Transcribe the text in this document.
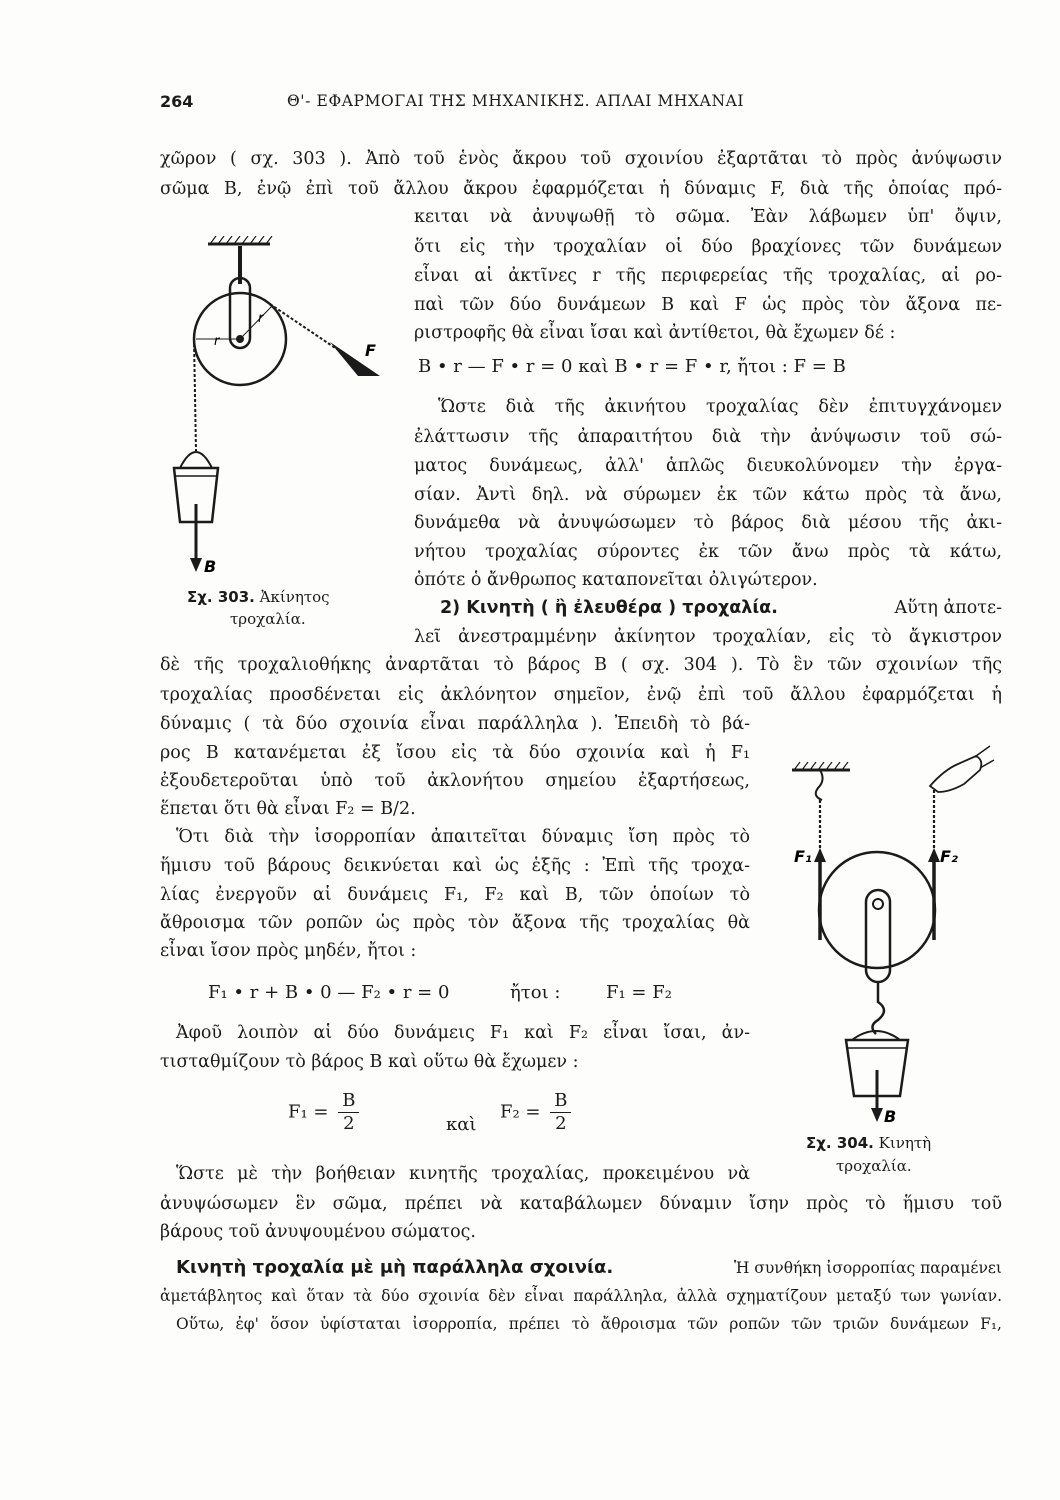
264	Θ'- ΕΦΑΡΜΟΓΑΙ ΤΗΣ ΜΗΧΑΝΙΚΗΣ. ΑΠΛΑΙ ΜΗΧΑΝΑΙ
χῶρον ( σχ. 303 ). Ἀπὸ τοῦ ἑνὸς ἄκρου τοῦ σχοινίου ἐξαρτᾶται τὸ πρὸς ἀνύψωσιν
σῶμα B, ἐνῷ ἐπὶ τοῦ ἄλλου ἄκρου ἐφαρμόζεται ἡ δύναμις F, διὰ τῆς ὁποίας πρό-
κειται νὰ ἀνυψωθῇ τὸ σῶμα. Ἐὰν λάβωμεν ὑπ' ὄψιν,
ὅτι εἰς τὴν τροχαλίαν οἱ δύο βραχίονες τῶν δυνάμεων
εἶναι αἱ ἀκτῖνες r τῆς περιφερείας τῆς τροχαλίας, αἱ ρο-
παὶ τῶν δύο δυνάμεων B καὶ F ὡς πρὸς τὸν ἄξονα πε-
ριστροφῆς θὰ εἶναι ἴσαι καὶ ἀντίθετοι, θὰ ἔχωμεν δέ :
B • r — F • r = 0 καὶ B • r = F • r, ἤτοι : F = B
Ὥστε διὰ τῆς ἀκινήτου τροχαλίας δὲν ἐπιτυγχάνομεν
ἐλάττωσιν τῆς ἀπαραιτήτου διὰ τὴν ἀνύψωσιν τοῦ σώ-
ματος δυνάμεως, ἀλλ' ἁπλῶς διευκολύνομεν τὴν ἐργα-
σίαν. Ἀντὶ δηλ. νὰ σύρωμεν ἐκ τῶν κάτω πρὸς τὰ ἄνω,
δυνάμεθα νὰ ἀνυψώσωμεν τὸ βάρος διὰ μέσου τῆς ἀκι-
νήτου τροχαλίας σύροντες ἐκ τῶν ἄνω πρὸς τὰ κάτω,
ὁπότε ὁ ἄνθρωπος καταπονεῖται ὀλιγώτερον.
2) Κινητὴ ( ἢ ἐλευθέρα ) τροχαλία.	Αὕτη ἀποτε-
λεῖ ἀνεστραμμένην ἀκίνητον τροχαλίαν, εἰς τὸ ἄγκιστρον
δὲ τῆς τροχαλιοθήκης ἀναρτᾶται τὸ βάρος B ( σχ. 304 ). Τὸ ἓν τῶν σχοινίων τῆς
τροχαλίας προσδένεται εἰς ἀκλόνητον σημεῖον, ἐνῷ ἐπὶ τοῦ ἄλλου ἐφαρμόζεται ἡ
δύναμις ( τὰ δύο σχοινία εἶναι παράλληλα ). Ἐπειδὴ τὸ βά-
ρος B κατανέμεται ἐξ ἴσου εἰς τὰ δύο σχοινία καὶ ἡ F₁
ἐξουδετεροῦται ὑπὸ τοῦ ἀκλονήτου σημείου ἐξαρτήσεως,
ἕπεται ὅτι θὰ εἶναι F₂ = B/2.
Ὅτι διὰ τὴν ἰσορροπίαν ἀπαιτεῖται δύναμις ἴση πρὸς τὸ
ἥμισυ τοῦ βάρους δεικνύεται καὶ ὡς ἑξῆς : Ἐπὶ τῆς τροχα-
λίας ἐνεργοῦν αἱ δυνάμεις F₁, F₂ καὶ B, τῶν ὁποίων τὸ
ἄθροισμα τῶν ροπῶν ὡς πρὸς τὸν ἄξονα τῆς τροχαλίας θὰ
εἶναι ἴσον πρὸς μηδέν, ἤτοι :
F₁ • r + B • 0 — F₂ • r = 0	ἤτοι :	F₁ = F₂
Ἀφοῦ λοιπὸν αἱ δύο δυνάμεις F₁ καὶ F₂ εἶναι ἴσαι, ἀν-
τισταθμίζουν τὸ βάρος B καὶ οὕτω θὰ ἔχωμεν :
$F_1 = \frac{B}{2}$	καὶ
$F_2 = \frac{B}{2}$
Ὥστε μὲ τὴν βοήθειαν κινητῆς τροχαλίας, προκειμένου νὰ
ἀνυψώσωμεν ἓν σῶμα, πρέπει νὰ καταβάλωμεν δύναμιν ἴσην πρὸς τὸ ἥμισυ τοῦ
βάρους τοῦ ἀνυψουμένου σώματος.
Κινητὴ τροχαλία μὲ μὴ παράλληλα σχοινία.	Ἡ συνθήκη ἰσορροπίας παραμένει
ἀμετάβλητος καὶ ὅταν τὰ δύο σχοινία δὲν εἶναι παράλληλα, ἀλλὰ σχηματίζουν μεταξύ των γωνίαν.
Οὕτω, ἐφ' ὅσον ὑφίσταται ἰσορροπία, πρέπει τὸ ἄθροισμα τῶν ροπῶν τῶν τριῶν δυνάμεων F₁,
r
r
F
B
Σχ. 303. Ἀκίνητος
τροχαλία.
F₁	F₂
B
Σχ. 304. Κινητὴ
τροχαλία.
